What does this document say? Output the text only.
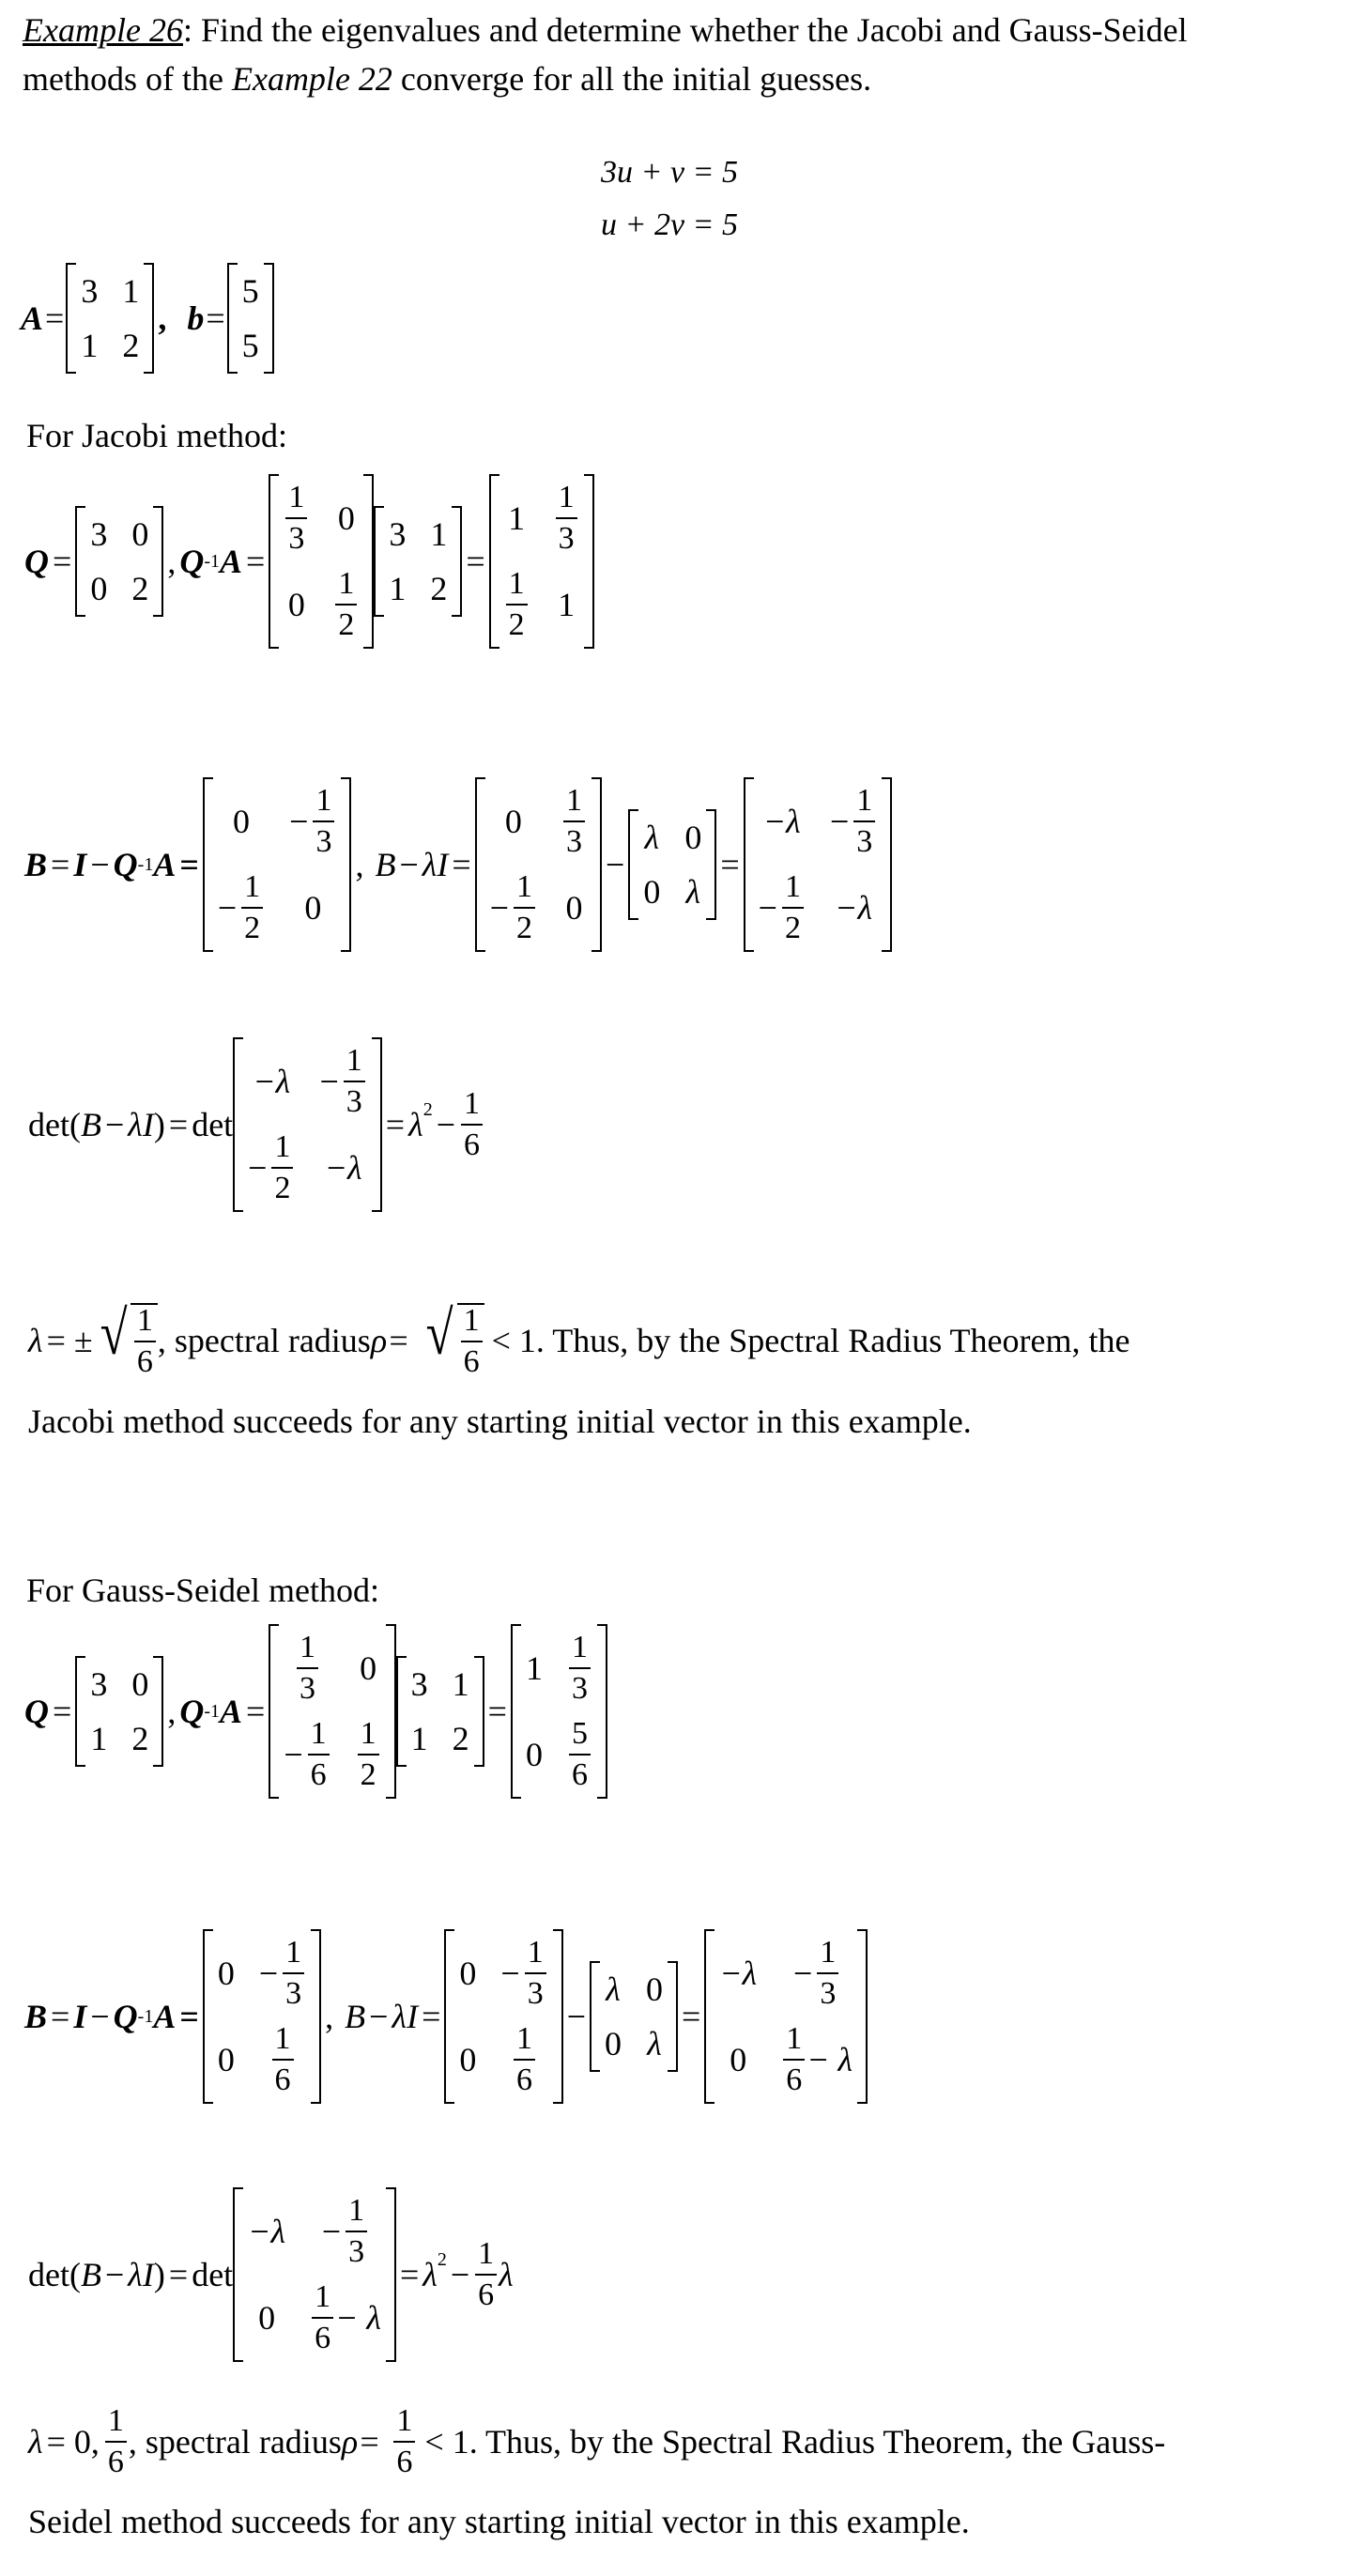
Example 26: Find the eigenvalues and determine whether the Jacobi and Gauss-Seidel
methods of the Example 22 converge for all the initial guesses.
3u + v = 5
u + 2v = 5
A =
3 1
1 2
, b =
5
5
For Jacobi method:
Q =
3 0
0 2
, Q -1 A =
$\frac{1}{3} 0$
$0 \frac{1}{2}$
3 1
1 2
=
$1 \frac{1}{3}$
$\frac{1}{2} 1$
B = I − Q -1 A =
$0 - \frac{1}{3}$
− $\frac{1}{2} 0$
, B − λ I =
$0 \frac{1}{3}$
− $\frac{1}{2} 0$
−
λ 0
0 λ
=
$-\lambda - \frac{1}{3}$
− $\frac{1}{2} -\lambda$
det( B − λ I ) = det
$-\lambda - \frac{1}{3}$
− $\frac{1}{2} -\lambda$
= λ $2 - \frac{1}{6}$
λ = ± √ $\frac{1}{6}$ , spectral radius ρ= √ $\frac{1}{6} < 1$. Thus, by the Spectral Radius Theorem, the
Jacobi method succeeds for any starting initial vector in this example.
For Gauss-Seidel method:
Q =
3 0
1 2
, Q -1 A =
$\frac{1}{3} 0$
− $\frac{1}{6} \frac{1}{2}$
3 1
1 2
=
$1 \frac{1}{3}$
$0 \frac{5}{6}$
B = I − Q -1 A =
$0 - \frac{1}{3}$
$0 \frac{1}{6}$
, B − λ I =
$0 - \frac{1}{3}$
$0 \frac{1}{6}$
−
λ 0
0 λ
=
$-\lambda - \frac{1}{3}$
$0 \frac{1}{6} - \lambda$
det( B − λ I ) = det
$-\lambda - \frac{1}{3}$
$0 \frac{1}{6} - \lambda$
= λ $2 - \frac{1}{6}$ λ
λ = 0, $\frac{1}{6}$ , spectral radius $\rho= \frac{1}{6} < 1$. Thus, by the Spectral Radius Theorem, the Gauss-
Seidel method succeeds for any starting initial vector in this example.
